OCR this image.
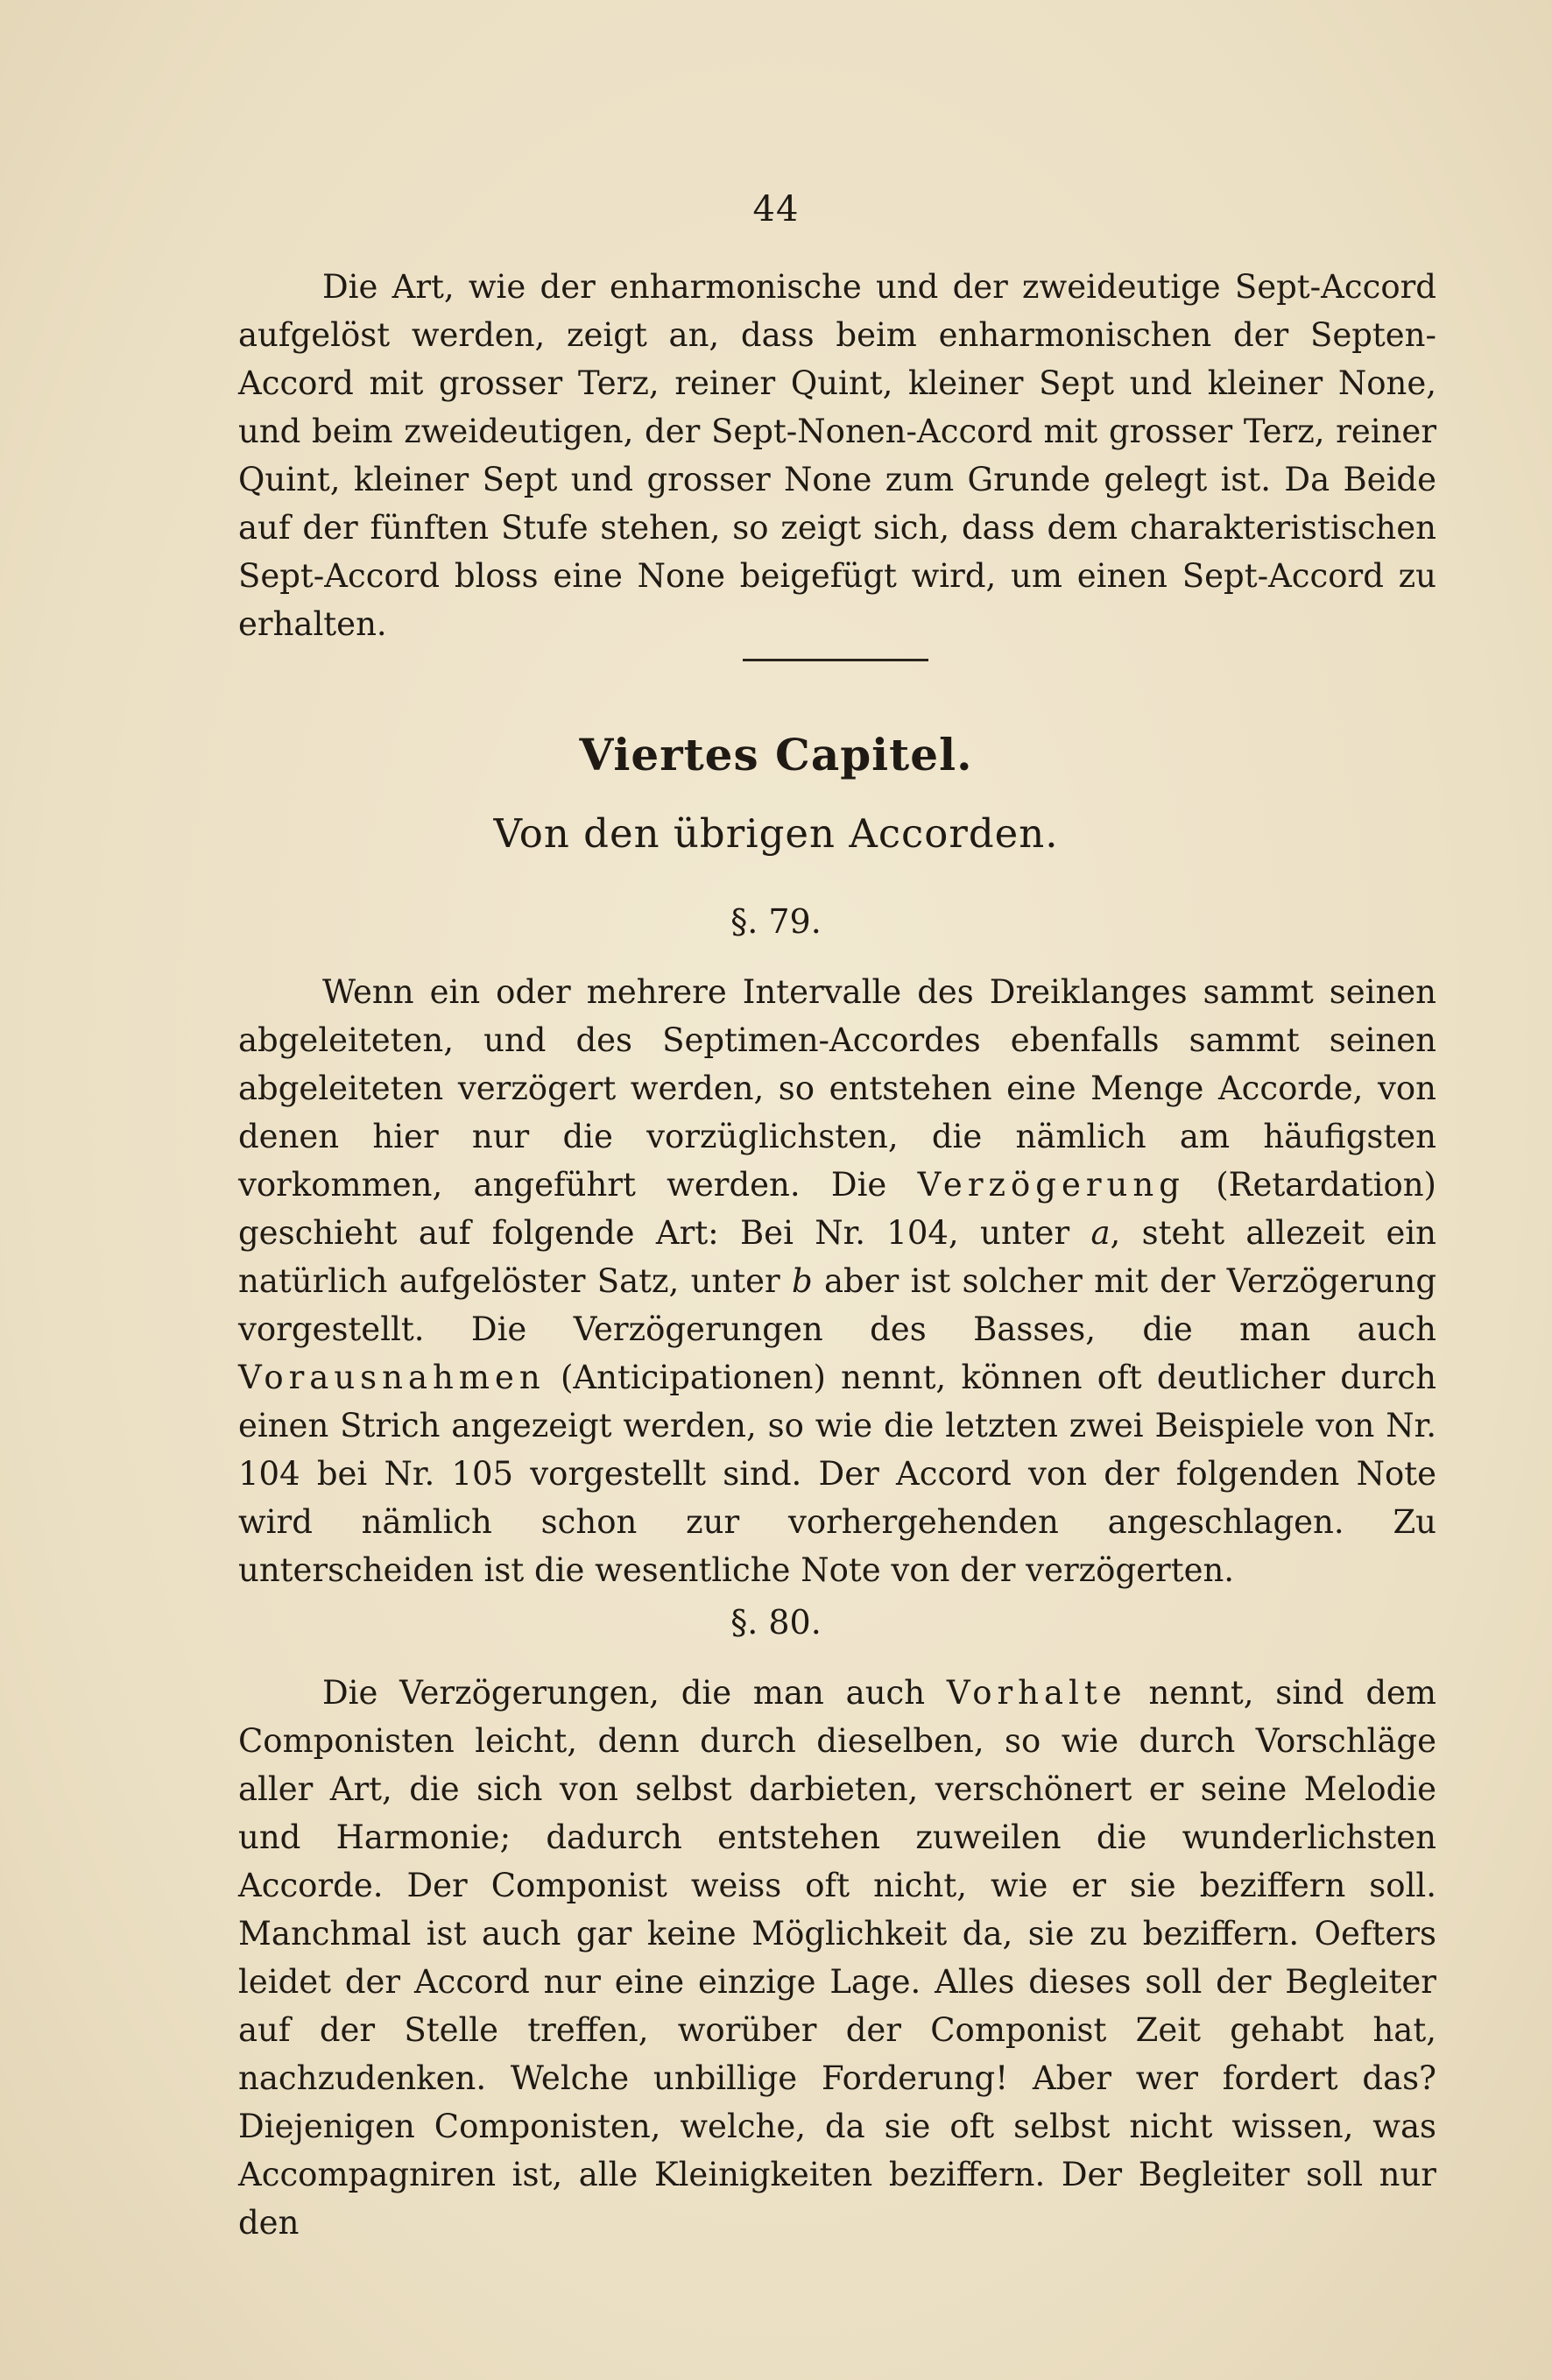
44

Die Art, wie der enharmonische und der zweideutige Sept-Accord aufgelöst werden, zeigt an, dass beim enharmonischen der Septen-Accord mit grosser Terz, reiner Quint, kleiner Sept und kleiner None, und beim zweideutigen, der Sept-Nonen-Accord mit grosser Terz, reiner Quint, kleiner Sept und grosser None zum Grunde gelegt ist. Da Beide auf der fünften Stufe stehen, so zeigt sich, dass dem charakteristischen Sept-Accord bloss eine None beigefügt wird, um einen Sept-Accord zu erhalten.

Viertes Capitel.
Von den übrigen Accorden.
§. 79.

Wenn ein oder mehrere Intervalle des Dreiklanges sammt seinen abgeleiteten, und des Septimen-Accordes ebenfalls sammt seinen abgeleiteten verzögert werden, so entstehen eine Menge Accorde, von denen hier nur die vorzüglichsten, die nämlich am häufigsten vorkommen, angeführt werden. Die Verzögerung (Retardation) geschieht auf folgende Art: Bei Nr. 104, unter a, steht allezeit ein natürlich aufgelöster Satz, unter b aber ist solcher mit der Verzögerung vorgestellt. Die Verzögerungen des Basses, die man auch Vorausnahmen (Anticipationen) nennt, können oft deutlicher durch einen Strich angezeigt werden, so wie die letzten zwei Beispiele von Nr. 104 bei Nr. 105 vorgestellt sind. Der Accord von der folgenden Note wird nämlich schon zur vorhergehenden angeschlagen. Zu unterscheiden ist die wesentliche Note von der verzögerten.

§. 80.

Die Verzögerungen, die man auch Vorhalte nennt, sind dem Componisten leicht, denn durch dieselben, so wie durch Vorschläge aller Art, die sich von selbst darbieten, verschönert er seine Melodie und Harmonie; dadurch entstehen zuweilen die wunderlichsten Accorde. Der Componist weiss oft nicht, wie er sie beziffern soll. Manchmal ist auch gar keine Möglichkeit da, sie zu beziffern. Oefters leidet der Accord nur eine einzige Lage. Alles dieses soll der Begleiter auf der Stelle treffen, worüber der Componist Zeit gehabt hat, nachzudenken. Welche unbillige Forderung! Aber wer fordert das? Diejenigen Componisten, welche, da sie oft selbst nicht wissen, was Accompagniren ist, alle Kleinigkeiten beziffern. Der Begleiter soll nur den
